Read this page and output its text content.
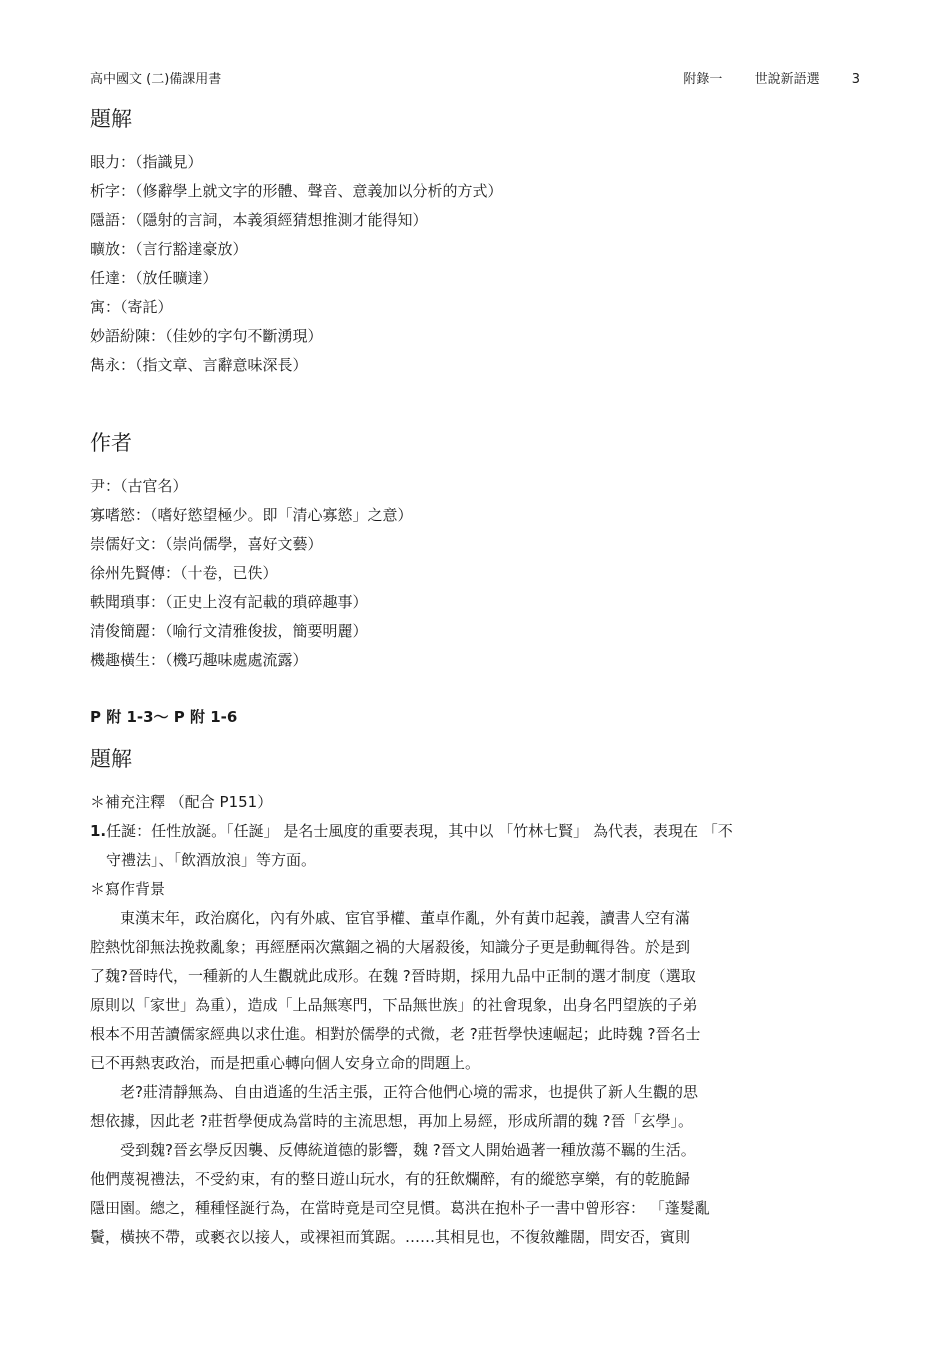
高中國文 (二)備課用書	附錄一 世說新語選 3
題解
眼力：（指識見）
析字：（修辭學上就文字的形體、聲音、意義加以分析的方式）
隱語：（隱射的言詞，本義須經猜想推測才能得知）
曠放：（言行豁達豪放）
任達：（放任曠達）
寓：（寄託）
妙語紛陳：（佳妙的字句不斷湧現）
雋永：（指文章、言辭意味深長）
作者
尹：（古官名）
寡嗜慾：（嗜好慾望極少。即「清心寡慾」之意）
崇儒好文：（崇尚儒學，喜好文藝）
徐州先賢傳：（十卷，已佚）
軼聞瑣事：（正史上沒有記載的瑣碎趣事）
清俊簡麗：（喻行文清雅俊拔，簡要明麗）
機趣橫生：（機巧趣味處處流露）
P 附 1-3～ P 附 1-6
題解
＊補充注釋 （配合 P151）
1.任誕：任性放誕。「任誕」 是名士風度的重要表現，其中以 「竹林七賢」 為代表，表現在 「不
守禮法」、「飲酒放浪」等方面。
＊寫作背景
東漢末年，政治腐化，內有外戚、宦官爭權、董卓作亂，外有黃巾起義，讀書人空有滿
腔熱忱卻無法挽救亂象；再經歷兩次黨錮之禍的大屠殺後，知識分子更是動輒得咎。於是到
了魏?晉時代，一種新的人生觀就此成形。在魏 ?晉時期，採用九品中正制的選才制度（選取
原則以「家世」為重），造成「上品無寒門，下品無世族」的社會現象，出身名門望族的子弟
根本不用苦讀儒家經典以求仕進。相對於儒學的式微，老 ?莊哲學快速崛起；此時魏 ?晉名士
已不再熱衷政治，而是把重心轉向個人安身立命的問題上。
老?莊清靜無為、自由逍遙的生活主張，正符合他們心境的需求，也提供了新人生觀的思
想依據，因此老 ?莊哲學便成為當時的主流思想，再加上易經，形成所謂的魏 ?晉「玄學」。
受到魏?晉玄學反因襲、反傳統道德的影響，魏 ?晉文人開始過著一種放蕩不羈的生活。
他們蔑視禮法，不受約束，有的整日遊山玩水，有的狂飲爛醉，有的縱慾享樂，有的乾脆歸
隱田園。總之，種種怪誕行為，在當時竟是司空見慣。葛洪在抱朴子一書中曾形容： 「蓬髮亂
鬢，橫挾不帶，或褻衣以接人，或裸袒而箕踞。……其相見也，不復敘離闊，問安否，賓則
